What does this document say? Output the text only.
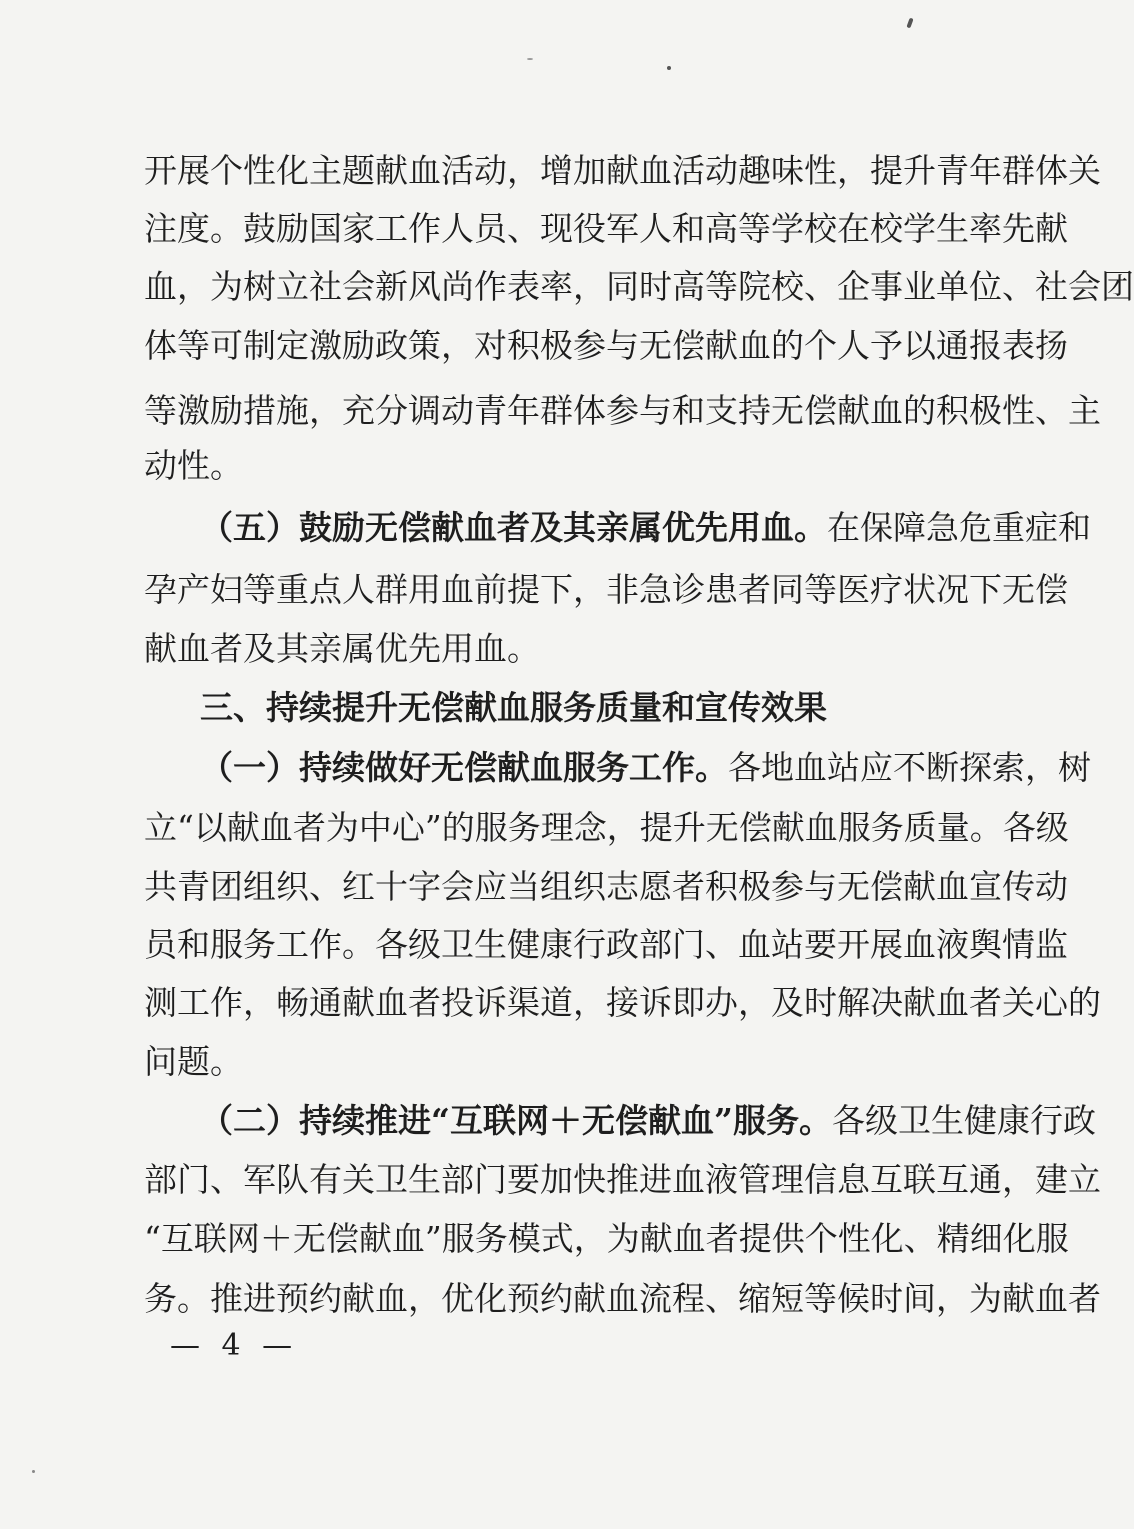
开展个性化主题献血活动，增加献血活动趣味性，提升青年群体关
注度。鼓励国家工作人员、现役军人和高等学校在校学生率先献
血，为树立社会新风尚作表率，同时高等院校、企事业单位、社会团
体等可制定激励政策，对积极参与无偿献血的个人予以通报表扬
等激励措施，充分调动青年群体参与和支持无偿献血的积极性、主
动性。
（五）鼓励无偿献血者及其亲属优先用血。在保障急危重症和
孕产妇等重点人群用血前提下，非急诊患者同等医疗状况下无偿
献血者及其亲属优先用血。
三、持续提升无偿献血服务质量和宣传效果
（一）持续做好无偿献血服务工作。各地血站应不断探索，树
立“以献血者为中心”的服务理念，提升无偿献血服务质量。各级
共青团组织、红十字会应当组织志愿者积极参与无偿献血宣传动
员和服务工作。各级卫生健康行政部门、血站要开展血液舆情监
测工作，畅通献血者投诉渠道，接诉即办，及时解决献血者关心的
问题。
（二）持续推进“互联网＋无偿献血”服务。各级卫生健康行政
部门、军队有关卫生部门要加快推进血液管理信息互联互通，建立
“互联网＋无偿献血”服务模式，为献血者提供个性化、精细化服
务。推进预约献血，优化预约献血流程、缩短等候时间，为献血者
— 4 —
